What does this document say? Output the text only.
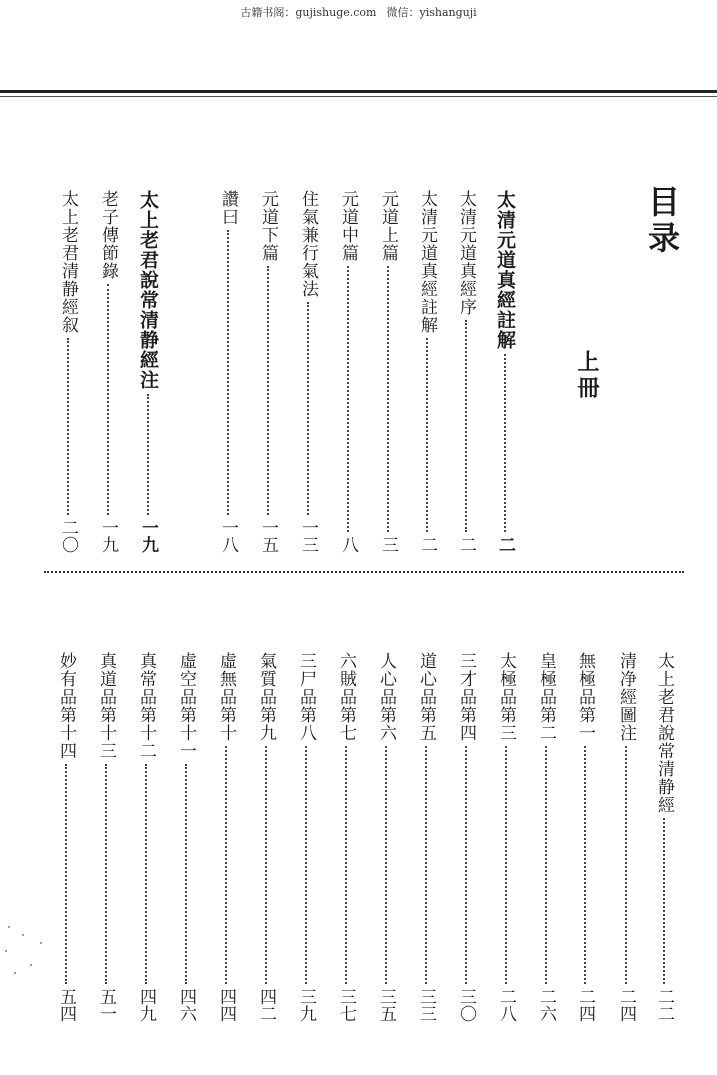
古籍书阁：gujishuge.com 微信：yishanguji
目录
上冊
太清元道真經註解
二
太清元道真經序
二
太清元道真經註解
二
元道上篇
三
元道中篇
八
住氣兼行氣法
一三
元道下篇
一五
讚曰
一八
太上老君說常清静經注
一九
老子傳節錄
一九
太上老君清静經叙
二〇
太上老君說常清静經
二二
清净經圖注
二四
無極品第一
二四
皇極品第二
二六
太極品第三
二八
三才品第四
三〇
道心品第五
三三
人心品第六
三五
六賊品第七
三七
三尸品第八
三九
氣質品第九
四二
虛無品第十
四四
虛空品第十一
四六
真常品第十二
四九
真道品第十三
五一
妙有品第十四
五四
